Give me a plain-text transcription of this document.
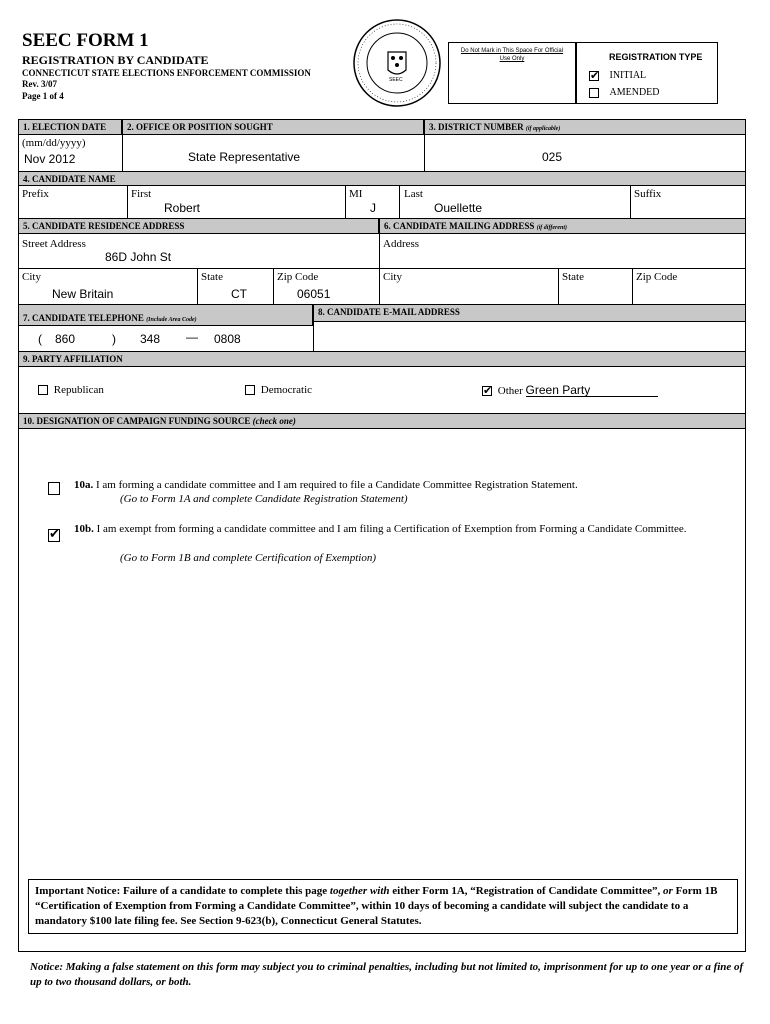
SEEC FORM 1
REGISTRATION BY CANDIDATE
CONNECTICUT STATE ELECTIONS ENFORCEMENT COMMISSION
Rev. 3/07
Page 1 of 4
SEEC
Do Not Mark in This Space For Official Use Only	REGISTRATION TYPE
✔ INITIAL
AMENDED
1. ELECTION DATE	2. OFFICE OR POSITION SOUGHT	3. DISTRICT NUMBER (if applicable)
(mm/dd/yyyy)
Nov 2012	State Representative	025
4. CANDIDATE NAME
Prefix	First
Robert
MI
J
Last
Ouellette
Suffix
5. CANDIDATE RESIDENCE ADDRESS	6. CANDIDATE MAILING ADDRESS (if different)
Street Address
86D John St
Address
City
New Britain
State
CT
Zip Code
06051
City	State	Zip Code
7. CANDIDATE TELEPHONE (Include Area Code)
8. CANDIDATE E-MAIL ADDRESS
( 860	) 348 — 0808
9. PARTY AFFILIATION
Republican	Democratic
✔	Other Green Party
10. DESIGNATION OF CAMPAIGN FUNDING SOURCE (check one)
10a. I am forming a candidate committee and I am required to file a Candidate Committee Registration Statement.
(Go to Form 1A and complete Candidate Registration Statement)
✔
10b. I am exempt from forming a candidate committee and I am filing a Certification of Exemption from Forming a Candidate Committee.
(Go to Form 1B and complete Certification of Exemption)
Important Notice: Failure of a candidate to complete this page together with either Form 1A, “Registration of Candidate Committee”, or Form 1B “Certification of Exemption from Forming a Candidate Committee”, within 10 days of becoming a candidate will subject the candidate to a mandatory $100 late filing fee. See Section 9-623(b), Connecticut General Statutes.
Notice: Making a false statement on this form may subject you to criminal penalties, including but not limited to, imprisonment for up to one year or a fine of up to two thousand dollars, or both.
